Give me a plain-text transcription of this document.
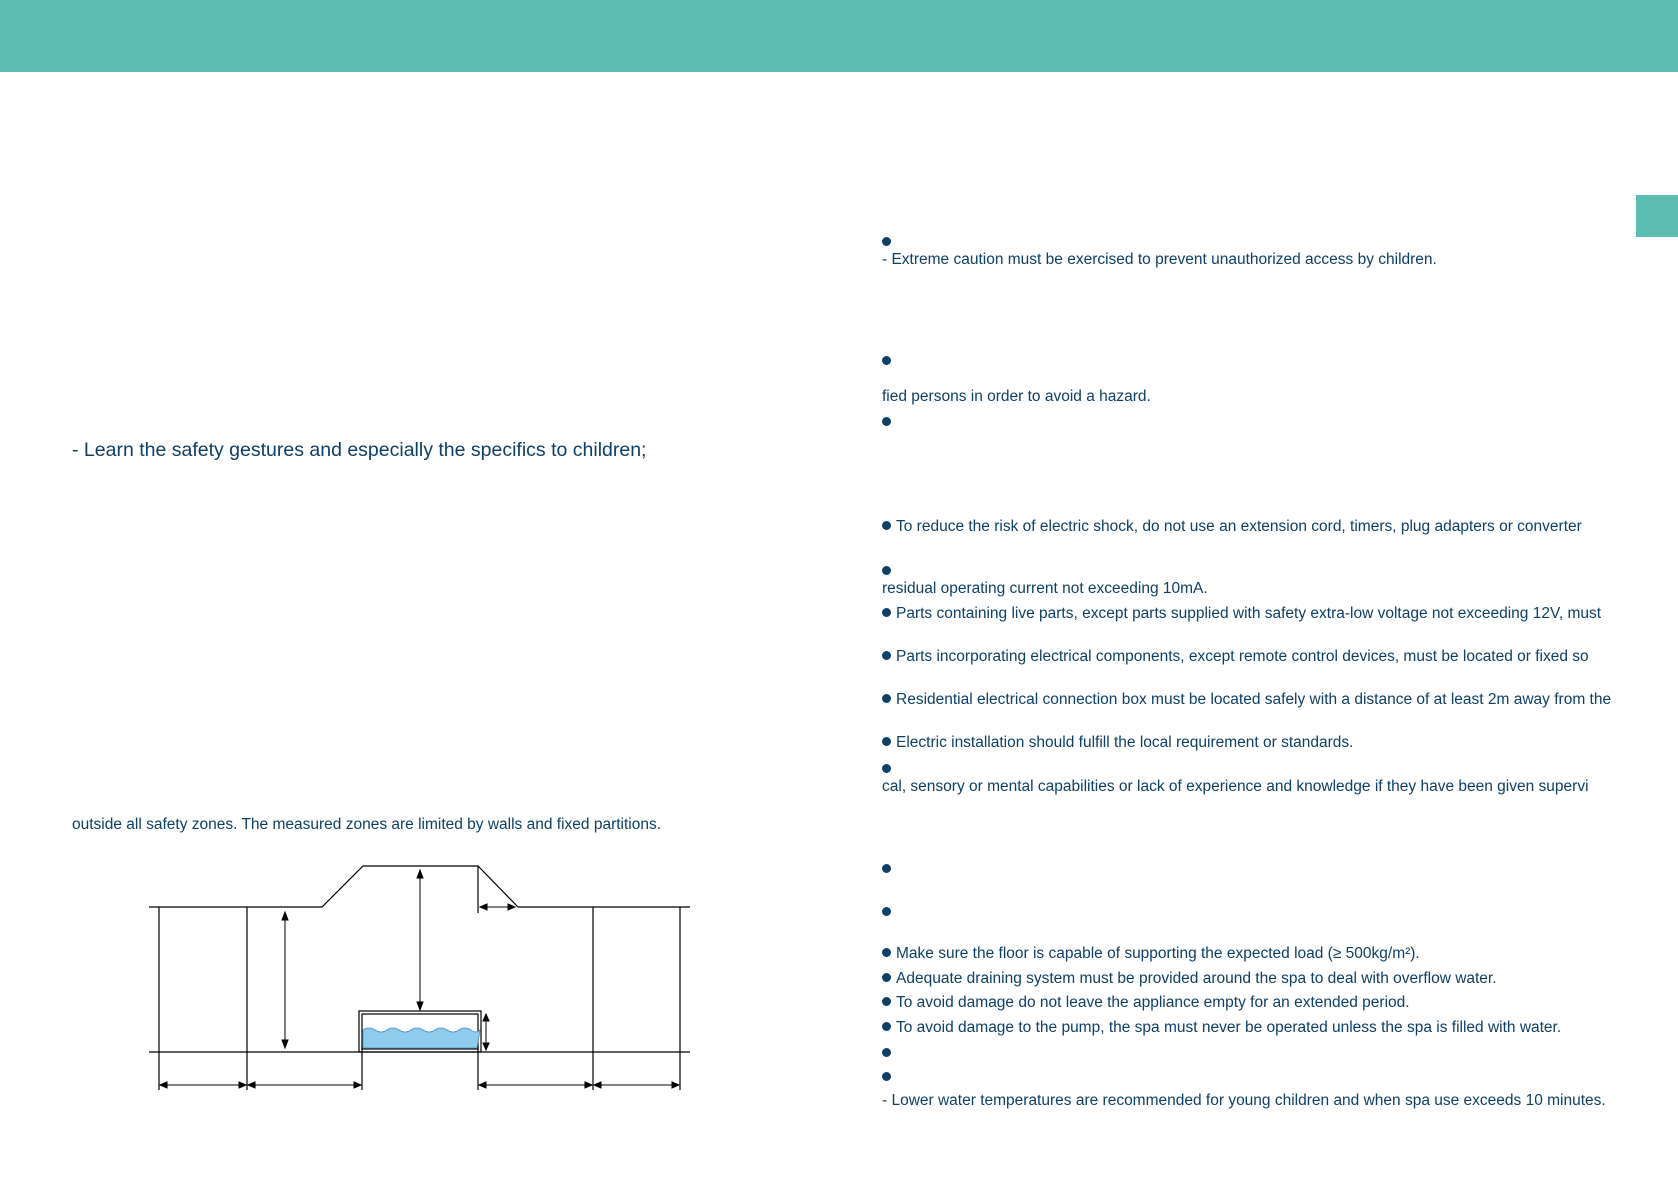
- Learn the safety gestures and especially the specifics to children;
outside all safety zones. The measured zones are limited by walls and fixed partitions.
- Extreme caution must be exercised to prevent unauthorized access by children.
fied persons in order to avoid a hazard.
To reduce the risk of electric shock, do not use an extension cord, timers, plug adapters or converter
residual operating current not exceeding 10mA.
Parts containing live parts, except parts supplied with safety extra-low voltage not exceeding 12V, must
Parts incorporating electrical components, except remote control devices, must be located or fixed so
Residential electrical connection box must be located safely with a distance of at least 2m away from the
Electric installation should fulfill the local requirement or standards.
cal, sensory or mental capabilities or lack of experience and knowledge if they have been given supervi
Make sure the floor is capable of supporting the expected load (≥ 500kg/m²).
Adequate draining system must be provided around the spa to deal with overflow water.
To avoid damage do not leave the appliance empty for an extended period.
To avoid damage to the pump, the spa must never be operated unless the spa is filled with water.
- Lower water temperatures are recommended for young children and when spa use exceeds 10 minutes.
